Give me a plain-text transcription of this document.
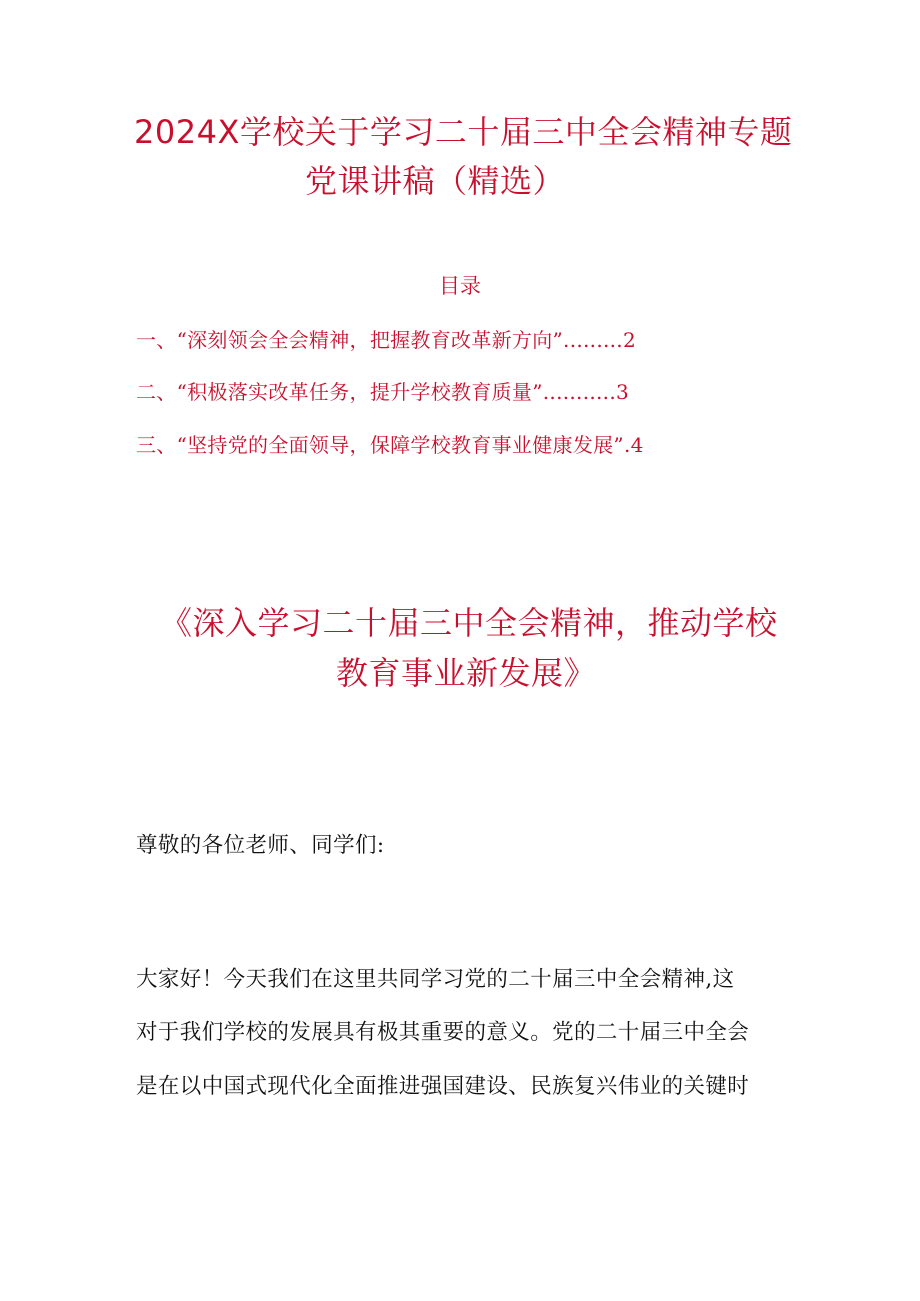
2024X学校关于学习二十届三中全会精神专题
党课讲稿（精选）
目录
一、“深刻领会全会精神，把握教育改革新方向”.........2
二、“积极落实改革任务，提升学校教育质量”...........3
三、“坚持党的全面领导，保障学校教育事业健康发展”.4
《深入学习二十届三中全会精神，推动学校
教育事业新发展》
尊敬的各位老师、同学们:
大家好！今天我们在这里共同学习党的二十届三中全会精神,这
对于我们学校的发展具有极其重要的意义。党的二十届三中全会
是在以中国式现代化全面推进强国建设、民族复兴伟业的关键时
